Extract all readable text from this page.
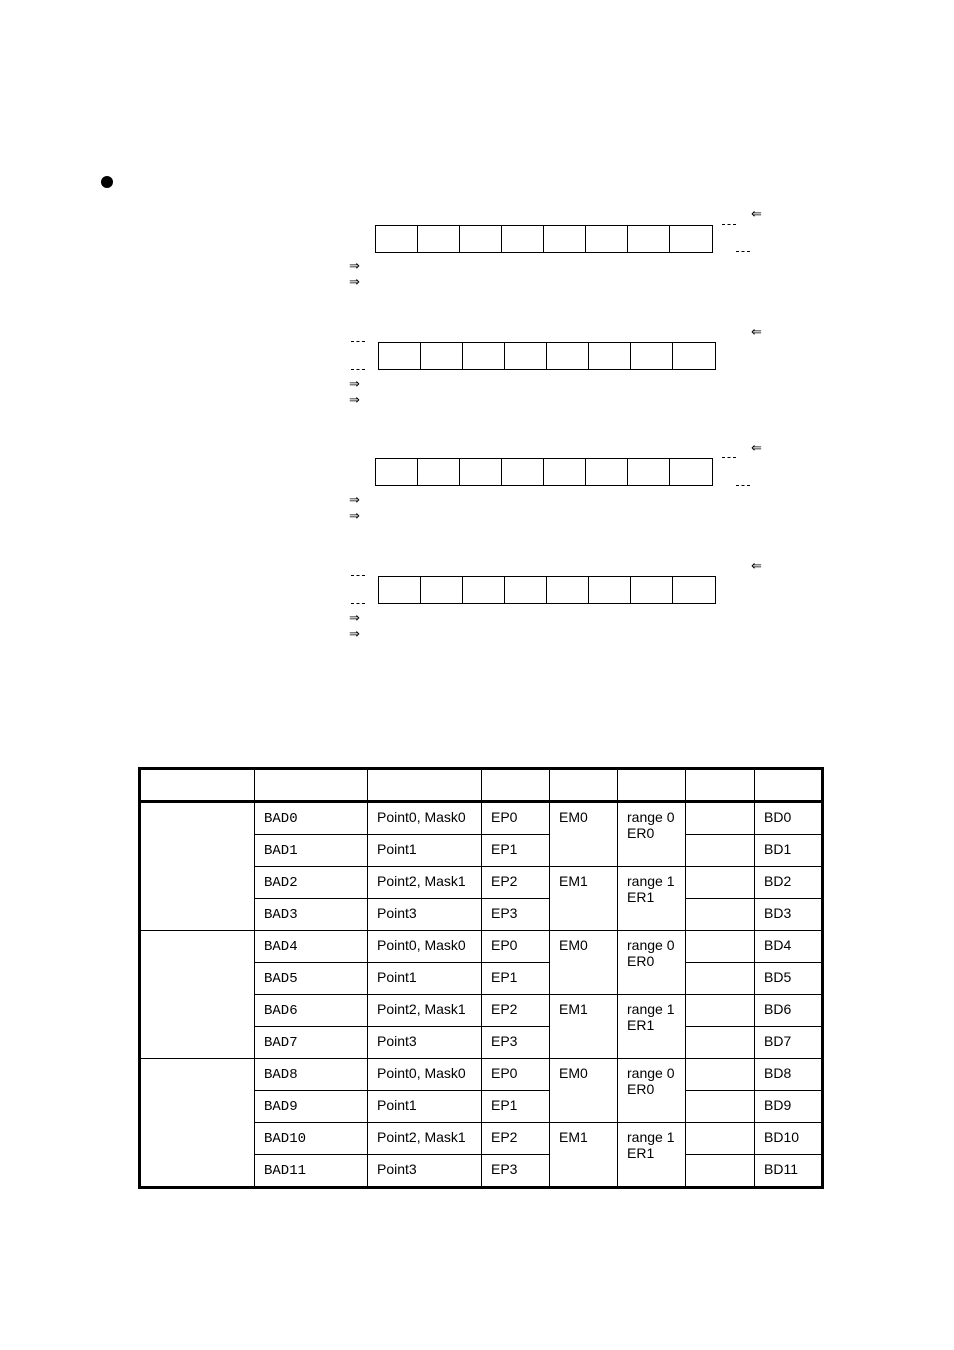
⇐
⇒
⇒
⇐
⇒
⇒
⇐
⇒
⇒
⇐
⇒
⇒

	BAD0	Point0, Mask0	EP0	EM0	range 0
ER0		BD0

	BAD1	Point1	EP1				BD1

	BAD2	Point2, Mask1	EP2	EM1	range 1
ER1		BD2

	BAD3	Point3	EP3				BD3

	BAD4	Point0, Mask0	EP0	EM0	range 0
ER0		BD4

	BAD5	Point1	EP1				BD5

	BAD6	Point2, Mask1	EP2	EM1	range 1
ER1		BD6

	BAD7	Point3	EP3				BD7

	BAD8	Point0, Mask0	EP0	EM0	range 0
ER0		BD8

	BAD9	Point1	EP1				BD9

	BAD10	Point2, Mask1	EP2	EM1	range 1
ER1		BD10

	BAD11	Point3	EP3				BD11
